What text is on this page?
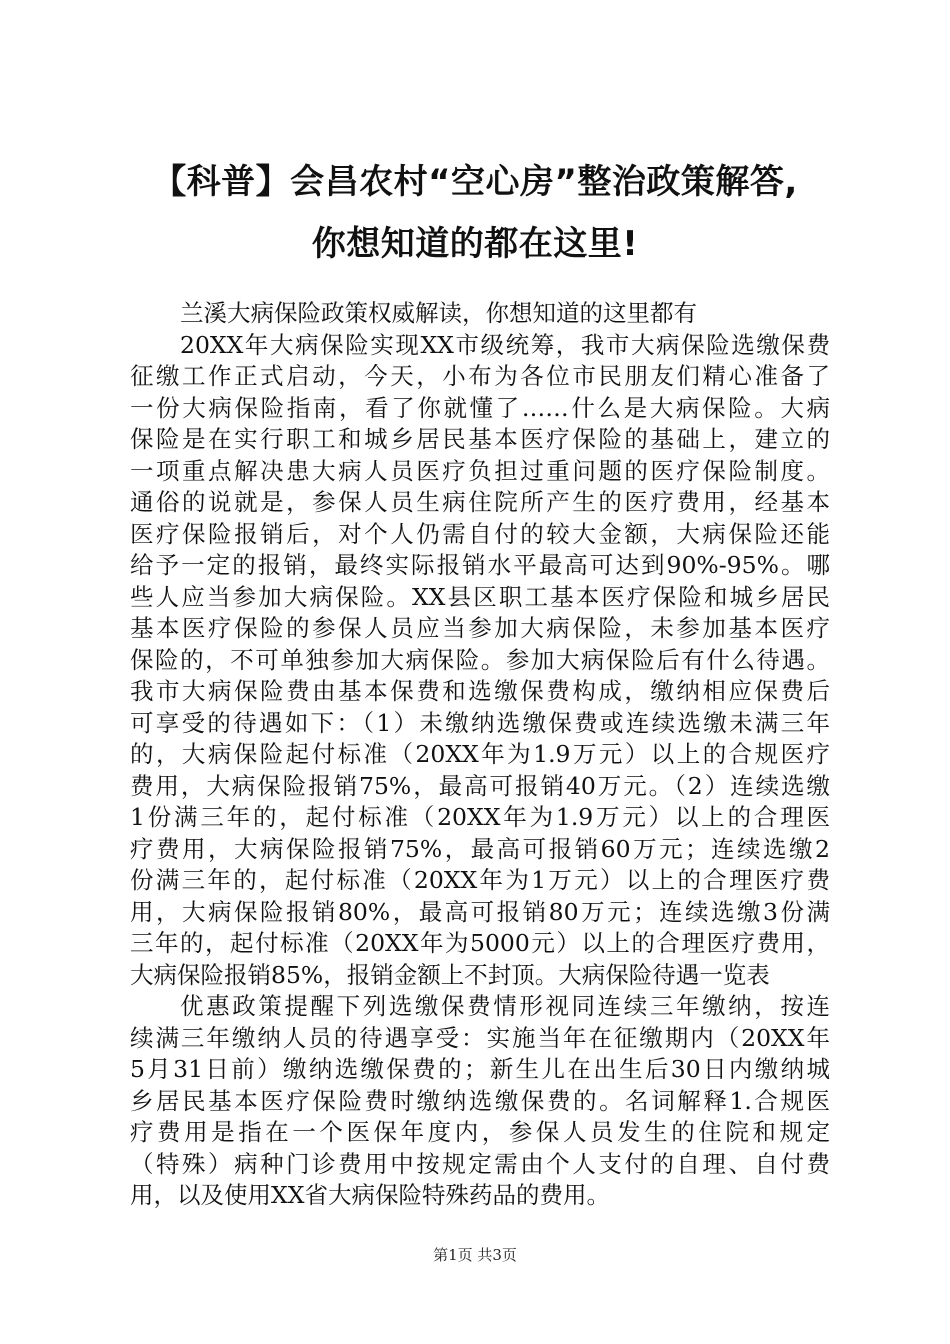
【科普】会昌农村“空心房”整治政策解答,
你想知道的都在这里!
兰溪大病保险政策权威解读，你想知道的这里都有
20XX年大病保险实现XX市级统筹，我市大病保险选缴保费
征缴工作正式启动，今天，小布为各位市民朋友们精心准备了
一份大病保险指南，看了你就懂了……什么是大病保险。大病
保险是在实行职工和城乡居民基本医疗保险的基础上，建立的
一项重点解决患大病人员医疗负担过重问题的医疗保险制度。
通俗的说就是，参保人员生病住院所产生的医疗费用，经基本
医疗保险报销后，对个人仍需自付的较大金额，大病保险还能
给予一定的报销，最终实际报销水平最高可达到90%-95%。哪
些人应当参加大病保险。XX县区职工基本医疗保险和城乡居民
基本医疗保险的参保人员应当参加大病保险，未参加基本医疗
保险的，不可单独参加大病保险。参加大病保险后有什么待遇。
我市大病保险费由基本保费和选缴保费构成，缴纳相应保费后
可享受的待遇如下：（1）未缴纳选缴保费或连续选缴未满三年
的，大病保险起付标准（20XX年为1.9万元）以上的合规医疗
费用，大病保险报销75%，最高可报销40万元。（2）连续选缴
1份满三年的，起付标准（20XX年为1.9万元）以上的合理医
疗费用，大病保险报销75%，最高可报销60万元；连续选缴2
份满三年的，起付标准（20XX年为1万元）以上的合理医疗费
用，大病保险报销80%，最高可报销80万元；连续选缴3份满
三年的，起付标准（20XX年为5000元）以上的合理医疗费用，
大病保险报销85%，报销金额上不封顶。大病保险待遇一览表
优惠政策提醒下列选缴保费情形视同连续三年缴纳，按连
续满三年缴纳人员的待遇享受：实施当年在征缴期内（20XX年
5月31日前）缴纳选缴保费的；新生儿在出生后30日内缴纳城
乡居民基本医疗保险费时缴纳选缴保费的。名词解释1.合规医
疗费用是指在一个医保年度内，参保人员发生的住院和规定
（特殊）病种门诊费用中按规定需由个人支付的自理、自付费
用，以及使用XX省大病保险特殊药品的费用。
第1页 共3页
